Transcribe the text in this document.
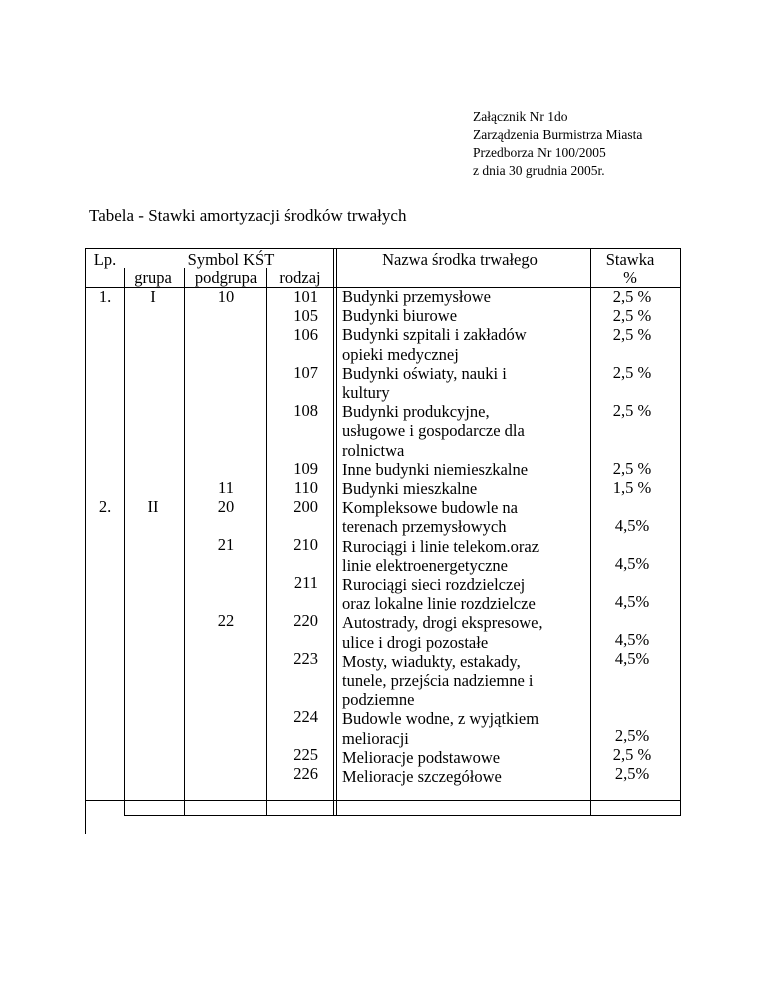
Załącznik Nr 1do
Zarządzenia Burmistrza Miasta
Przedborza Nr 100/2005
z dnia 30 grudnia 2005r.
Tabela - Stawki amortyzacji środków trwałych
Lp.	Symbol KŚT
grupa podgrupa rodzaj
Nazwa środka trwałego	Stawka
%
1.
2.
I
II
10
11
20
21
22
101
105
106
107
108
109
110
200
210
211
220
223
224
225
226
Budynki przemysłowe
Budynki biurowe
Budynki szpitali i zakładów
opieki medycznej
Budynki oświaty, nauki i
kultury
Budynki produkcyjne,
usługowe i gospodarcze dla
rolnictwa
Inne budynki niemieszkalne
Budynki mieszkalne
Kompleksowe budowle na
terenach przemysłowych
Rurociągi i linie telekom.oraz
linie elektroenergetyczne
Rurociągi sieci rozdzielczej
oraz lokalne linie rozdzielcze
Autostrady, drogi ekspresowe,
ulice i drogi pozostałe
Mosty, wiadukty, estakady,
tunele, przejścia nadziemne i
podziemne
Budowle wodne, z wyjątkiem
melioracji
Melioracje podstawowe
Melioracje szczegółowe
2,5 %
2,5 %
2,5 %
2,5 %
2,5 %
2,5 %
1,5 %
4,5%
4,5%
4,5%
4,5%
4,5%
2,5%
2,5 %
2,5%
